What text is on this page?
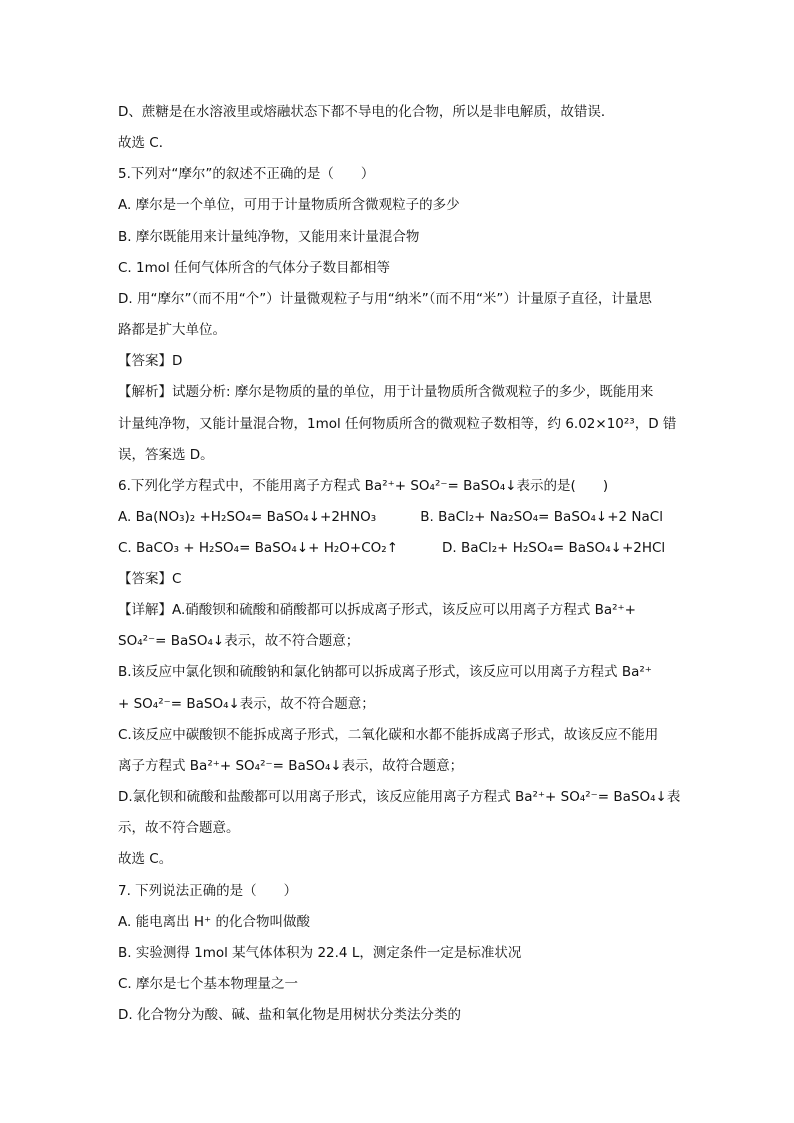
D、蔗糖是在水溶液里或熔融状态下都不导电的化合物，所以是非电解质，故错误．
故选 C．
5.下列对“摩尔”的叙述不正确的是（　　）
A. 摩尔是一个单位，可用于计量物质所含微观粒子的多少
B. 摩尔既能用来计量纯净物，又能用来计量混合物
C. 1mol 任何气体所含的气体分子数目都相等
D. 用“摩尔”（而不用“个”）计量微观粒子与用“纳米”（而不用“米”）计量原子直径，计量思
路都是扩大单位。
【答案】D
【解析】试题分析: 摩尔是物质的量的单位，用于计量物质所含微观粒子的多少，既能用来
计量纯净物，又能计量混合物，1mol 任何物质所含的微观粒子数相等，约 6.02×10²³，D 错
误，答案选 D。
6.下列化学方程式中，不能用离子方程式 Ba²⁺+ SO₄²⁻= BaSO₄↓表示的是(　　)
A. Ba(NO₃)₂ +H₂SO₄= BaSO₄↓+2HNO₃	B. BaCl₂+ Na₂SO₄= BaSO₄↓+2 NaCl
C. BaCO₃ + H₂SO₄= BaSO₄↓+ H₂O+CO₂↑	D. BaCl₂+ H₂SO₄= BaSO₄↓+2HCl
【答案】C
【详解】A.硝酸钡和硫酸和硝酸都可以拆成离子形式，该反应可以用离子方程式 Ba²⁺+
SO₄²⁻= BaSO₄↓表示，故不符合题意；
B.该反应中氯化钡和硫酸钠和氯化钠都可以拆成离子形式，该反应可以用离子方程式 Ba²⁺
+ SO₄²⁻= BaSO₄↓表示，故不符合题意；
C.该反应中碳酸钡不能拆成离子形式，二氧化碳和水都不能拆成离子形式，故该反应不能用
离子方程式 Ba²⁺+ SO₄²⁻= BaSO₄↓表示，故符合题意；
D.氯化钡和硫酸和盐酸都可以用离子形式，该反应能用离子方程式 Ba²⁺+ SO₄²⁻= BaSO₄↓表
示，故不符合题意。
故选 C。
7. 下列说法正确的是（　　）
A. 能电离出 H⁺ 的化合物叫做酸
B. 实验测得 1mol 某气体体积为 22.4 L，测定条件一定是标准状况
C. 摩尔是七个基本物理量之一
D. 化合物分为酸、碱、盐和氧化物是用树状分类法分类的
